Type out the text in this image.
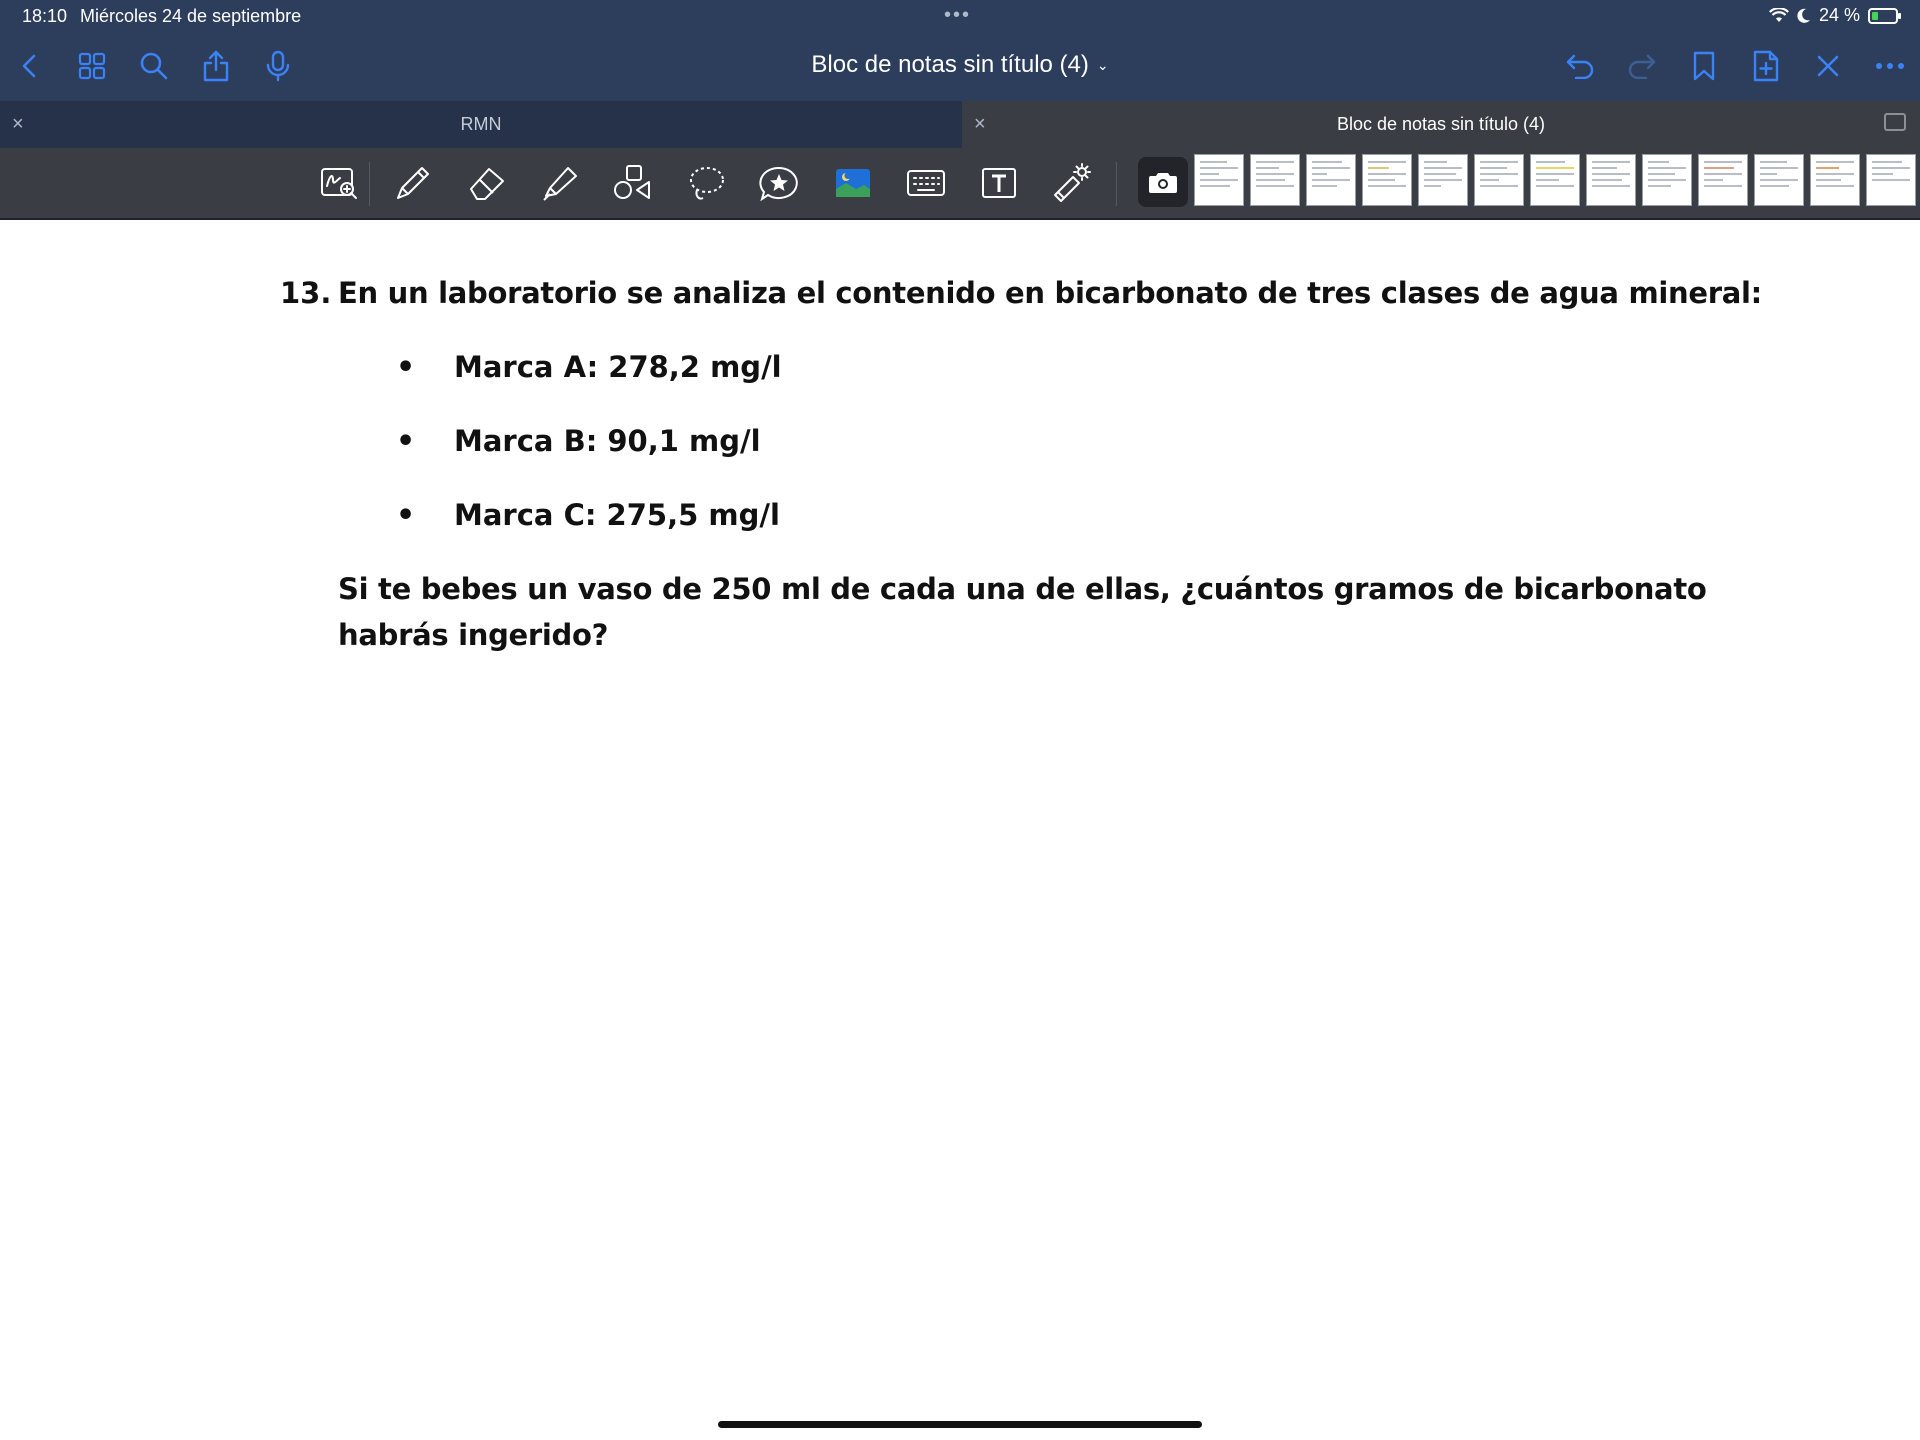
18:10 Miércoles 24 de septiembre	•••	24 %
Bloc de notas sin título (4) ⌄
×	RMN	×	Bloc de notas sin título (4)
13. En un laboratorio se analiza el contenido en bicarbonato de tres clases de agua mineral:
• Marca A: 278,2 mg/l
• Marca B: 90,1 mg/l
• Marca C: 275,5 mg/l
Si te bebes un vaso de 250 ml de cada una de ellas, ¿cuántos gramos de bicarbonato habrás ingerido?
